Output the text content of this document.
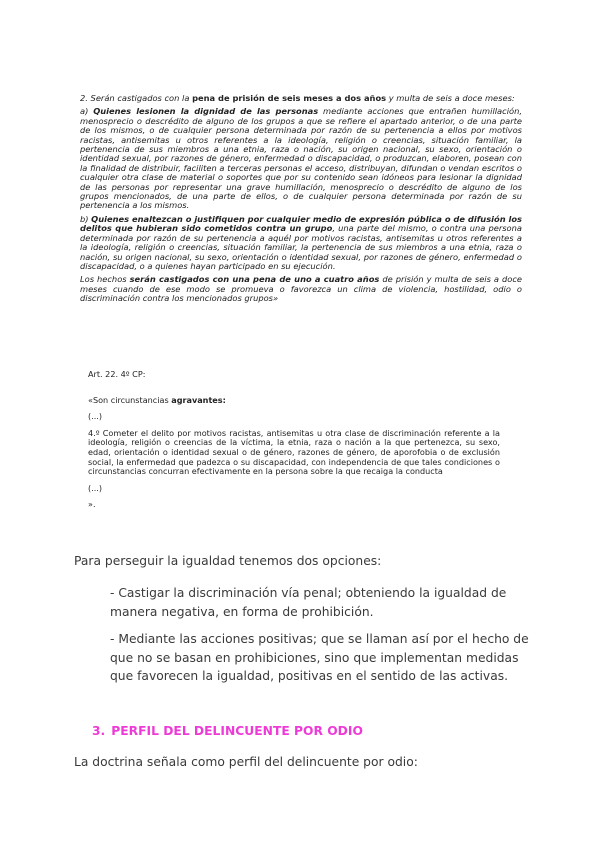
2. Serán castigados con la pena de prisión de seis meses a dos años y multa de seis a doce meses:

a) Quienes lesionen la dignidad de las personas mediante acciones que entrañen humillación, menosprecio o descrédito de alguno de los grupos a que se refiere el apartado anterior, o de una parte de los mismos, o de cualquier persona determinada por razón de su pertenencia a ellos por motivos racistas, antisemitas u otros referentes a la ideología, religión o creencias, situación familiar, la pertenencia de sus miembros a una etnia, raza o nación, su origen nacional, su sexo, orientación o identidad sexual, por razones de género, enfermedad o discapacidad, o produzcan, elaboren, posean con la finalidad de distribuir, faciliten a terceras personas el acceso, distribuyan, difundan o vendan escritos o cualquier otra clase de material o soportes que por su contenido sean idóneos para lesionar la dignidad de las personas por representar una grave humillación, menosprecio o descrédito de alguno de los grupos mencionados, de una parte de ellos, o de cualquier persona determinada por razón de su pertenencia a los mismos.

b) Quienes enaltezcan o justifiquen por cualquier medio de expresión pública o de difusión los delitos que hubieran sido cometidos contra un grupo, una parte del mismo, o contra una persona determinada por razón de su pertenencia a aquél por motivos racistas, antisemitas u otros referentes a la ideología, religión o creencias, situación familiar, la pertenencia de sus miembros a una etnia, raza o nación, su origen nacional, su sexo, orientación o identidad sexual, por razones de género, enfermedad o discapacidad, o a quienes hayan participado en su ejecución.

Los hechos serán castigados con una pena de uno a cuatro años de prisión y multa de seis a doce meses cuando de ese modo se promueva o favorezca un clima de violencia, hostilidad, odio o discriminación contra los mencionados grupos»

Art. 22. 4º CP:

«Son circunstancias agravantes:

(...)

4.º Cometer el delito por motivos racistas, antisemitas u otra clase de discriminación referente a la ideología, religión o creencias de la víctima, la etnia, raza o nación a la que pertenezca, su sexo, edad, orientación o identidad sexual o de género, razones de género, de aporofobia o de exclusión social, la enfermedad que padezca o su discapacidad, con independencia de que tales condiciones o circunstancias concurran efectivamente en la persona sobre la que recaiga la conducta

(...)

».

Para perseguir la igualdad tenemos dos opciones:

- Castigar la discriminación vía penal; obteniendo la igualdad de manera negativa, en forma de prohibición.

- Mediante las acciones positivas; que se llaman así por el hecho de que no se basan en prohibiciones, sino que implementan medidas que favorecen la igualdad, positivas en el sentido de las activas.

3. PERFIL DEL DELINCUENTE POR ODIO

La doctrina señala como perfil del delincuente por odio:
